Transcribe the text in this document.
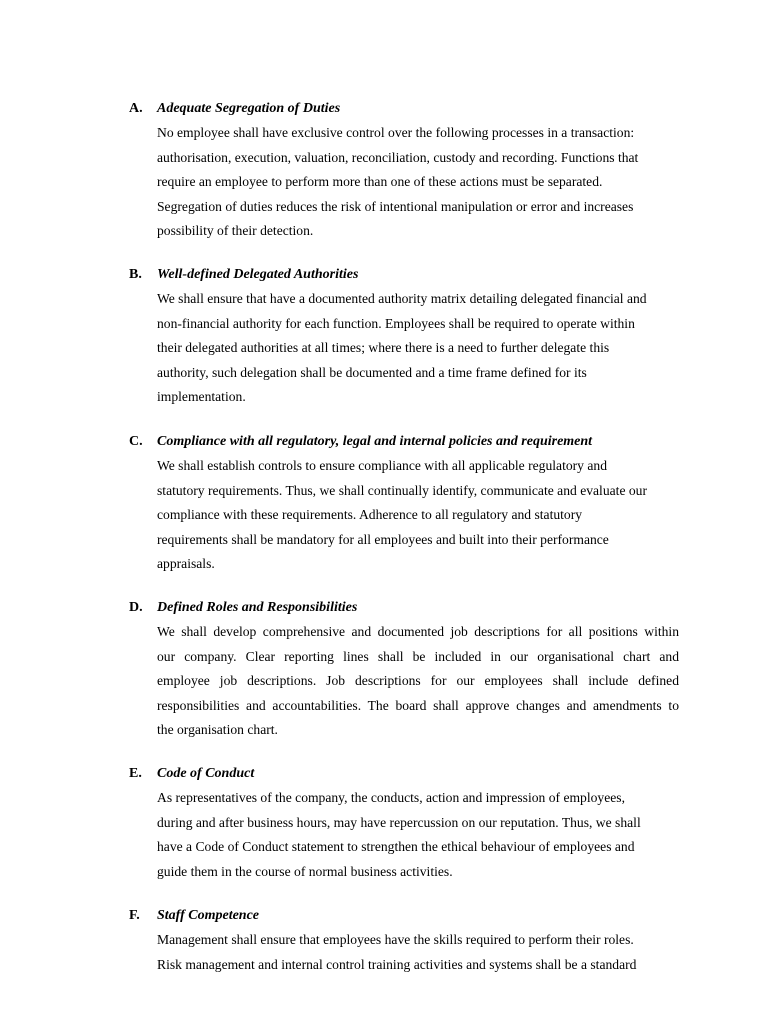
A. Adequate Segregation of Duties
No employee shall have exclusive control over the following processes in a transaction:
authorisation, execution, valuation, reconciliation, custody and recording. Functions that
require an employee to perform more than one of these actions must be separated.
Segregation of duties reduces the risk of intentional manipulation or error and increases
possibility of their detection.
B. Well-defined Delegated Authorities
We shall ensure that have a documented authority matrix detailing delegated financial and
non-financial authority for each function. Employees shall be required to operate within
their delegated authorities at all times; where there is a need to further delegate this
authority, such delegation shall be documented and a time frame defined for its
implementation.
C. Compliance with all regulatory, legal and internal policies and requirement
We shall establish controls to ensure compliance with all applicable regulatory and
statutory requirements. Thus, we shall continually identify, communicate and evaluate our
compliance with these requirements. Adherence to all regulatory and statutory
requirements shall be mandatory for all employees and built into their performance
appraisals.
D. Defined Roles and Responsibilities
We shall develop comprehensive and documented job descriptions for all positions within
our company. Clear reporting lines shall be included in our organisational chart and
employee job descriptions. Job descriptions for our employees shall include defined
responsibilities and accountabilities. The board shall approve changes and amendments to
the organisation chart.
E. Code of Conduct
As representatives of the company, the conducts, action and impression of employees,
during and after business hours, may have repercussion on our reputation. Thus, we shall
have a Code of Conduct statement to strengthen the ethical behaviour of employees and
guide them in the course of normal business activities.
F. Staff Competence
Management shall ensure that employees have the skills required to perform their roles.
Risk management and internal control training activities and systems shall be a standard
